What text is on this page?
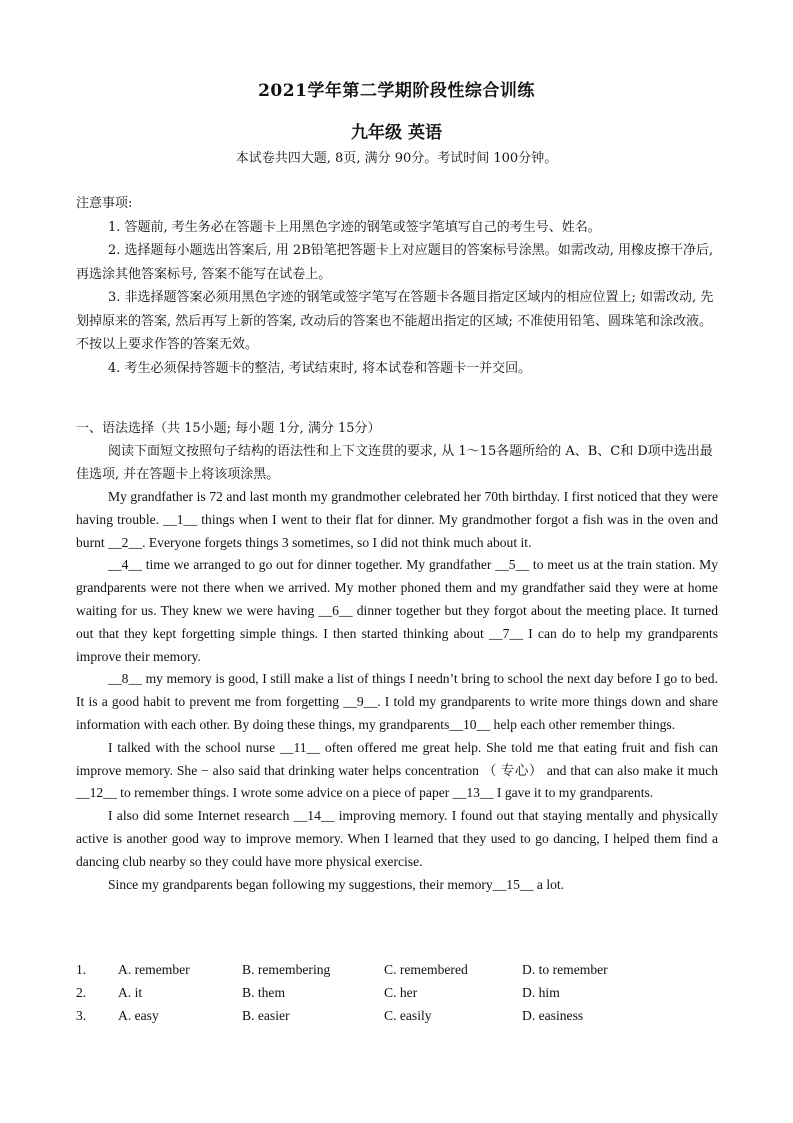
2021学年第二学期阶段性综合训练
九年级 英语
本试卷共四大题, 8页, 满分 90分。考试时间 100分钟。

注意事项:

1. 答题前, 考生务必在答题卡上用黑色字迹的钢笔或签字笔填写自己的考生号、姓名。

2. 选择题每小题选出答案后, 用 2B铅笔把答题卡上对应题目的答案标号涂黑。如需改动, 用橡皮擦干净后, 再选涂其他答案标号, 答案不能写在试卷上。

3. 非选择题答案必须用黑色字迹的钢笔或签字笔写在答题卡各题目指定区域内的相应位置上; 如需改动, 先划掉原来的答案, 然后再写上新的答案, 改动后的答案也不能超出指定的区域; 不准使用铅笔、圆珠笔和涂改液。不按以上要求作答的答案无效。

4. 考生必须保持答题卡的整洁, 考试结束时, 将本试卷和答题卡一并交回。

一、语法选择（共 15小题; 每小题 1分, 满分 15分）

阅读下面短文按照句子结构的语法性和上下文连贯的要求, 从 1～15各题所给的 A、B、C和 D项中选出最佳选项, 并在答题卡上将该项涂黑。

My grandfather is 72 and last month my grandmother celebrated her 70th birthday. I first noticed that they were having trouble. __1__ things when I went to their flat for dinner. My grandmother forgot a fish was in the oven and burnt __2__. Everyone forgets things 3 sometimes, so I did not think much about it.

__4__ time we arranged to go out for dinner together. My grandfather __5__ to meet us at the train station. My grandparents were not there when we arrived. My mother phoned them and my grandfather said they were at home waiting for us. They knew we were having __6__ dinner together but they forgot about the meeting place. It turned out that they kept forgetting simple things. I then started thinking about __7__ I can do to help my grandparents improve their memory.

__8__ my memory is good, I still make a list of things I needn’t bring to school the next day before I go to bed. It is a good habit to prevent me from forgetting __9__. I told my grandparents to write more things down and share information with each other. By doing these things, my grandparents__10__ help each other remember things.

I talked with the school nurse __11__ often offered me great help. She told me that eating fruit and fish can improve memory. She − also said that drinking water helps concentration （ 专心） and that can also make it much __12__ to remember things. I wrote some advice on a piece of paper __13__ I gave it to my grandparents.

I also did some Internet research __14__ improving memory. I found out that staying mentally and physically active is another good way to improve memory. When I learned that they used to go dancing, I helped them find a dancing club nearby so they could have more physical exercise.

Since my grandparents began following my suggestions, their memory__15__ a lot.

1. A. remember	B. remembering	C. remembered	D. to remember
2. A. it	B. them	C. her	D. him
3. A. easy	B. easier	C. easily	D. easiness
